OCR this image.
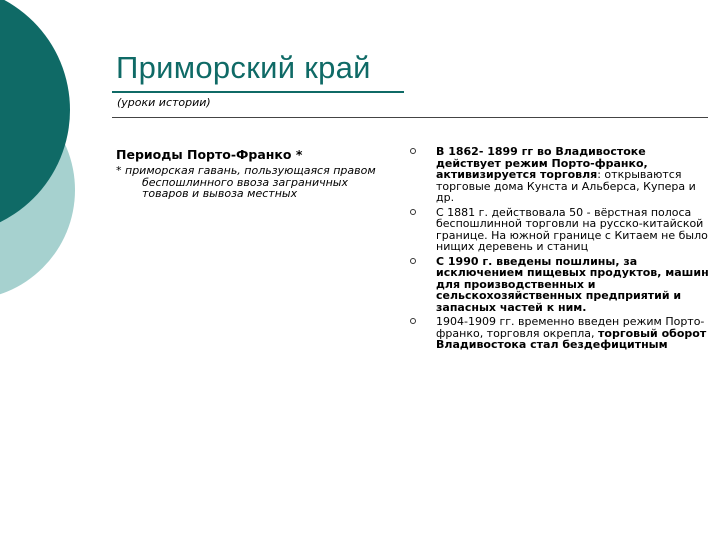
Приморский край
(уроки истории)
Периоды Порто-Франко *
* приморская гавань, пользующаяся правом беспошлинного ввоза заграничных товаров и вывоза местных
В 1862- 1899 гг во Владивостоке действует режим Порто-франко, активизируется торговля: открываются торговые дома Кунста и Альберса, Купера и др.
С 1881 г. действовала 50 - вёрстная полоса беспошлинной торговли на русско-китайской границе. На южной границе с Китаем не было нищих деревень и станиц
С 1990 г. введены пошлины, за исключением пищевых продуктов, машин для производственных и сельскохозяйственных предприятий и запасных частей к ним.
1904-1909 гг. временно введен режим Порто-франко, торговля окрепла, торговый оборот Владивостока стал бездефицитным
